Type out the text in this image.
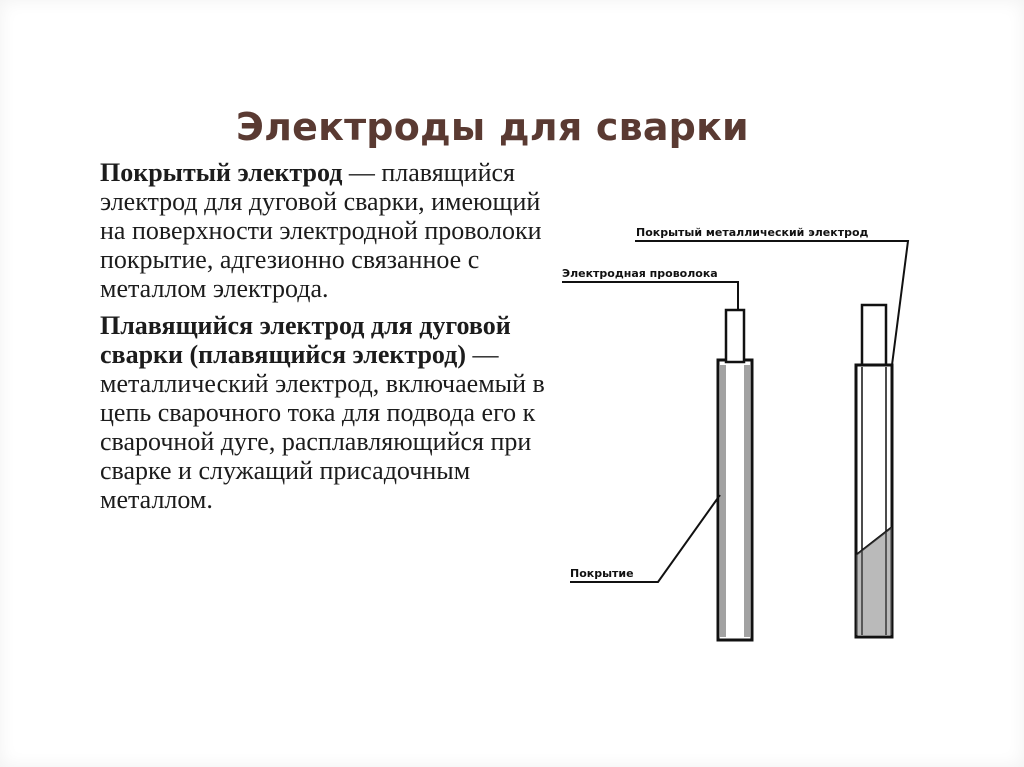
Электроды для сварки

Покрытый электрод — плавящийся электрод для дуговой сварки, имеющий на поверхности электродной проволоки покрытие, адгезионно связанное с металлом электрода.

Плавящийся электрод для дуговой сварки (плавящийся электрод) — металлический электрод, включаемый в цепь сварочного тока для подвода его к сварочной дуге, расплавляющийся при сварке и служащий присадочным металлом.

Покрытый металлический электрод
Электродная проволока
Покрытие
